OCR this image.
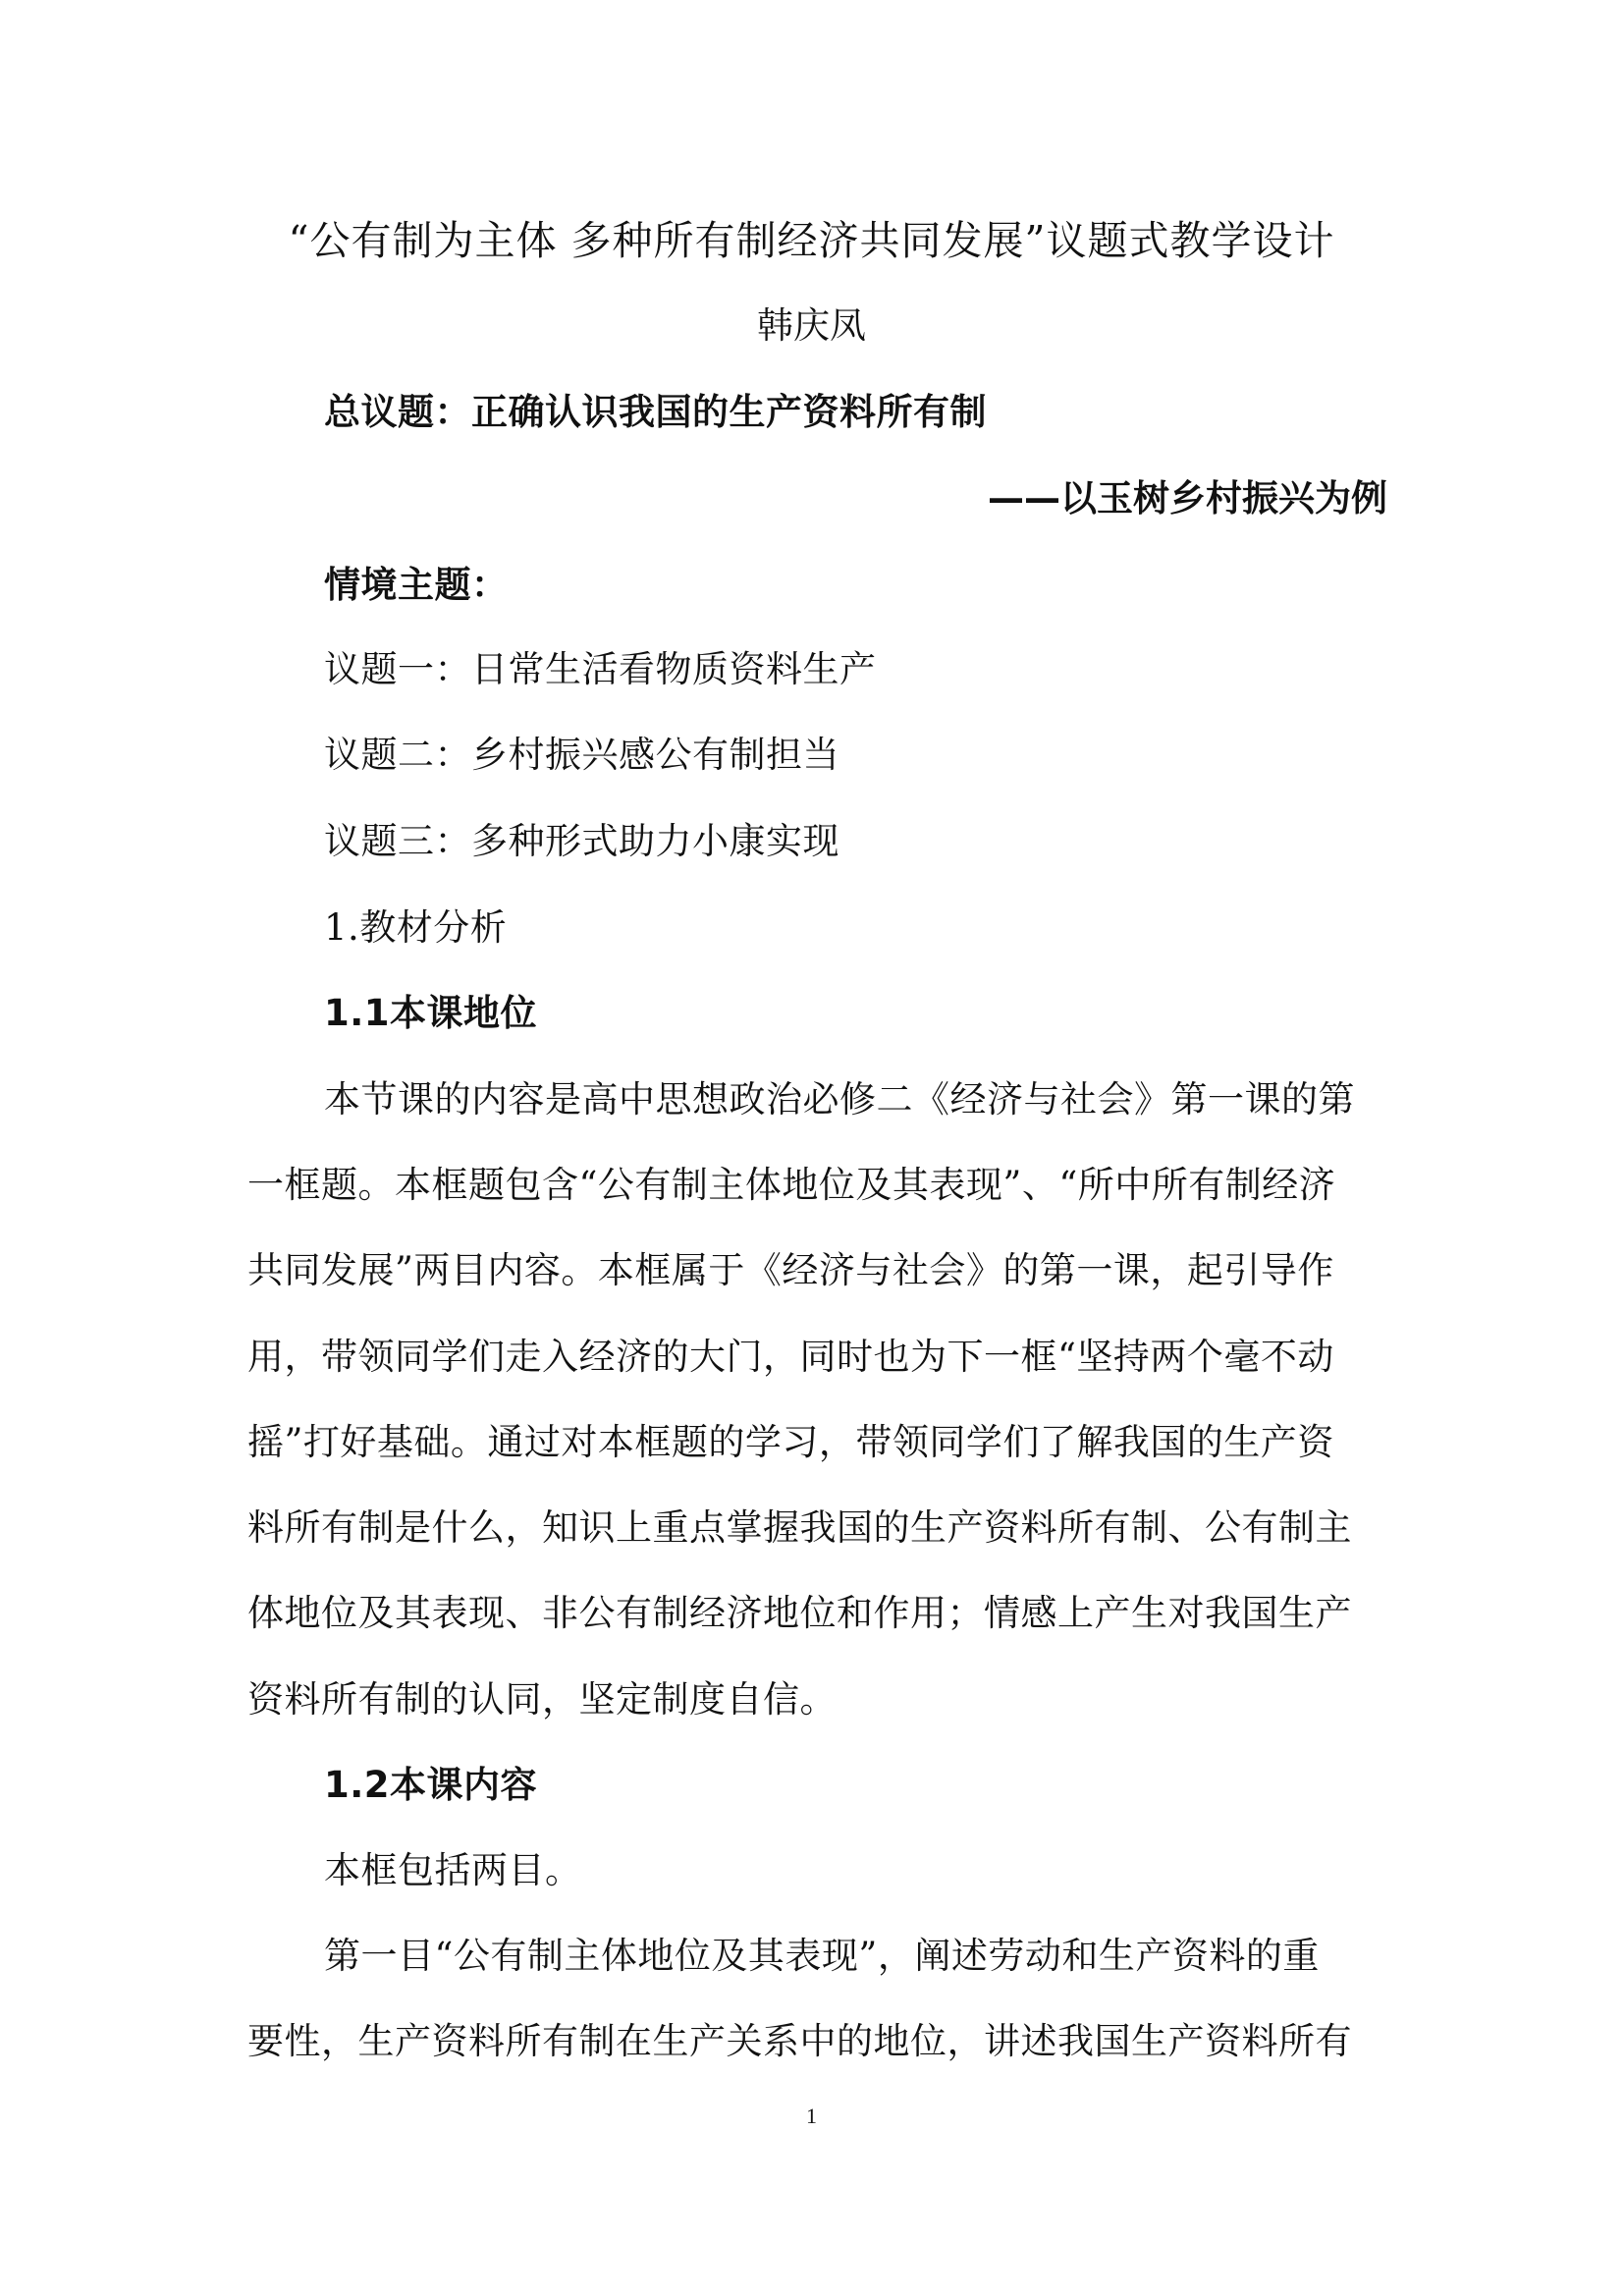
“公有制为主体 多种所有制经济共同发展”议题式教学设计
韩庆凤
总议题：正确认识我国的生产资料所有制
——以玉树乡村振兴为例
情境主题：
议题一：日常生活看物质资料生产
议题二：乡村振兴感公有制担当
议题三：多种形式助力小康实现
1.教材分析
1.1本课地位
本节课的内容是高中思想政治必修二《经济与社会》第一课的第
一框题。本框题包含“公有制主体地位及其表现”、“所中所有制经济
共同发展”两目内容。本框属于《经济与社会》的第一课，起引导作
用，带领同学们走入经济的大门，同时也为下一框“坚持两个毫不动
摇”打好基础。通过对本框题的学习，带领同学们了解我国的生产资
料所有制是什么，知识上重点掌握我国的生产资料所有制、公有制主
体地位及其表现、非公有制经济地位和作用；情感上产生对我国生产
资料所有制的认同，坚定制度自信。
1.2本课内容
本框包括两目。
第一目“公有制主体地位及其表现”，阐述劳动和生产资料的重
要性，生产资料所有制在生产关系中的地位，讲述我国生产资料所有
1
